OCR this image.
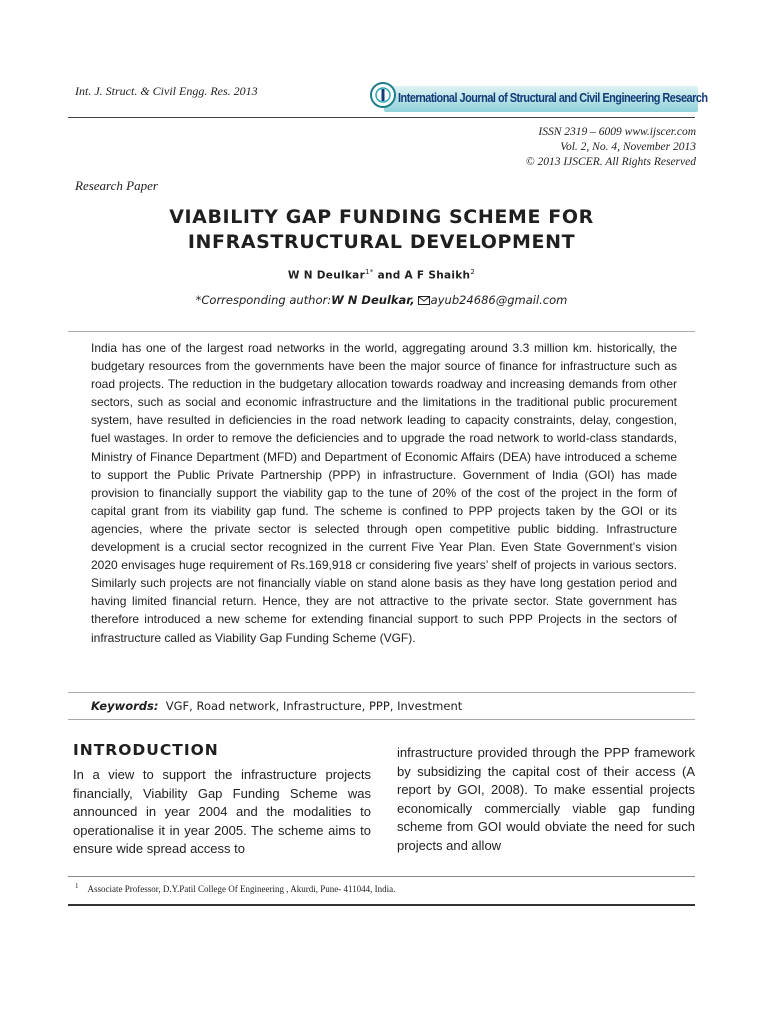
Int. J. Struct. & Civil Engg. Res. 2013	International Journal of Structural and Civil Engineering Research
ISSN 2319 – 6009 www.ijscer.com
Vol. 2, No. 4, November 2013
© 2013 IJSCER. All Rights Reserved
Research Paper
VIABILITY GAP FUNDING SCHEME FOR
INFRASTRUCTURAL DEVELOPMENT
W N Deulkar$^{1*}$ and A F Shaikh$^2$
*Corresponding author:W N Deulkar, ayub24686@gmail.com
India has one of the largest road networks in the world, aggregating around 3.3 million km. historically, the budgetary resources from the governments have been the major source of finance for infrastructure such as road projects. The reduction in the budgetary allocation towards roadway and increasing demands from other sectors, such as social and economic infrastructure and the limitations in the traditional public procurement system, have resulted in deficiencies in the road network leading to capacity constraints, delay, congestion, fuel wastages. In order to remove the deficiencies and to upgrade the road network to world-class standards, Ministry of Finance Department (MFD) and Department of Economic Affairs (DEA) have introduced a scheme to support the Public Private Partnership (PPP) in infrastructure. Government of India (GOI) has made provision to financially support the viability gap to the tune of 20% of the cost of the project in the form of capital grant from its viability gap fund. The scheme is confined to PPP projects taken by the GOI or its agencies, where the private sector is selected through open competitive public bidding. Infrastructure development is a crucial sector recognized in the current Five Year Plan. Even State Government’s vision 2020 envisages huge requirement of Rs.169,918 cr considering five years’ shelf of projects in various sectors. Similarly such projects are not financially viable on stand alone basis as they have long gestation period and having limited financial return. Hence, they are not attractive to the private sector. State government has therefore introduced a new scheme for extending financial support to such PPP Projects in the sectors of infrastructure called as Viability Gap Funding Scheme (VGF).
Keywords: VGF, Road network, Infrastructure, PPP, Investment
INTRODUCTION
In a view to support the infrastructure projects financially, Viability Gap Funding Scheme was announced in year 2004 and the modalities to operationalise it in year 2005. The scheme aims to ensure wide spread access to
infrastructure provided through the PPP framework by subsidizing the capital cost of their access (A report by GOI, 2008). To make essential projects economically commercially viable gap funding scheme from GOI would obviate the need for such projects and allow
$^1$ Associate Professor, D.Y.Patil College Of Engineering , Akurdi, Pune- 411044, India.
